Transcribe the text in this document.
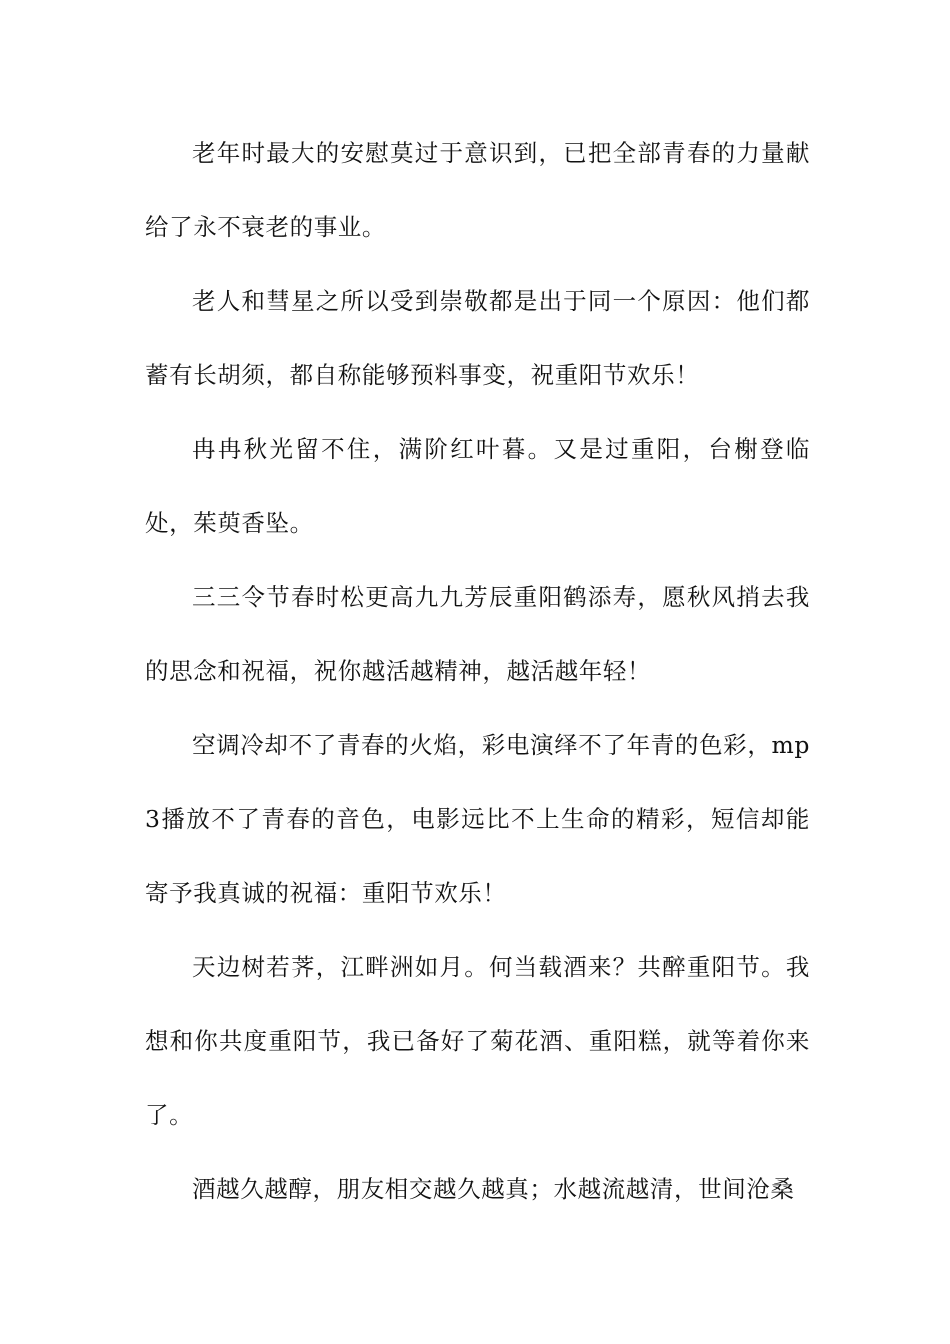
老年时最大的安慰莫过于意识到，已把全部青春的力量献给了永不衰老的事业。

老人和彗星之所以受到崇敬都是出于同一个原因：他们都蓄有长胡须，都自称能够预料事变，祝重阳节欢乐！

冉冉秋光留不住，满阶红叶暮。又是过重阳，台榭登临处，茱萸香坠。

三三令节春时松更高九九芳辰重阳鹤添寿，愿秋风捎去我的思念和祝福，祝你越活越精神，越活越年轻！

空调冷却不了青春的火焰，彩电演绎不了年青的色彩，mp3播放不了青春的音色，电影远比不上生命的精彩，短信却能寄予我真诚的祝福：重阳节欢乐！

天边树若荠，江畔洲如月。何当载酒来？共醉重阳节。我想和你共度重阳节，我已备好了菊花酒、重阳糕，就等着你来了。

酒越久越醇，朋友相交越久越真；水越流越清，世间沧桑
